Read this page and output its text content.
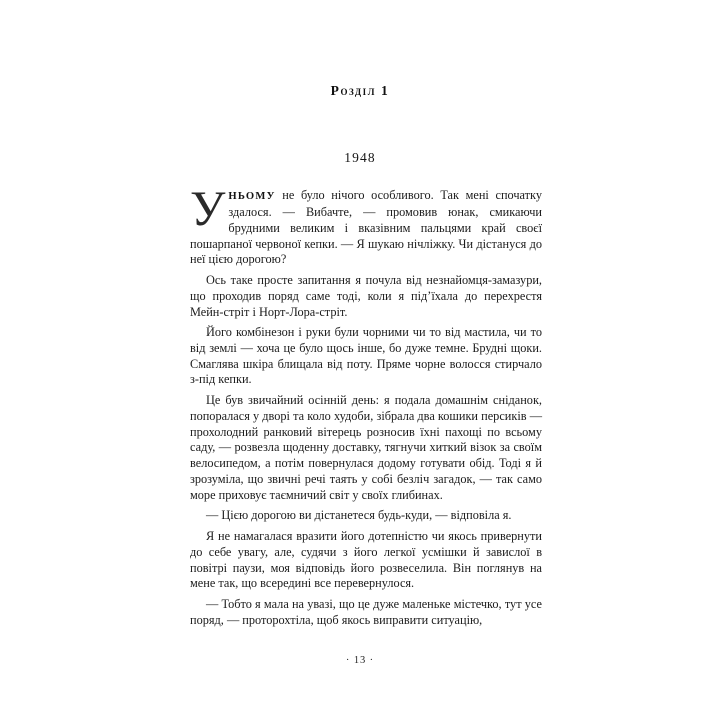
Розділ 1
1948

УНЬОМУ не було нічого особливого. Так мені спочатку здалося. — Вибачте, — промовив юнак, смикаючи брудними великим і вказівним пальцями край своєї пошарпаної червоної кепки. — Я шукаю нічліжку. Чи дістануся до неї цією дорогою?

Ось таке просте запитання я почула від незнайомця-замазури, що проходив поряд саме тоді, коли я під’їхала до перехрестя Мейн-стріт і Норт-Лора-стріт.

Його комбінезон і руки були чорними чи то від мастила, чи то від землі — хоча це було щось інше, бо дуже темне. Брудні щоки. Смаглява шкіра блищала від поту. Пряме чорне волосся стирчало з-під кепки.

Це був звичайний осінній день: я подала домашнім сніданок, попоралася у дворі та коло худоби, зібрала два кошики персиків — прохолодний ранковий вітерець розносив їхні пахощі по всьому саду, — розвезла щоденну доставку, тягнучи хиткий візок за своїм велосипедом, а потім повернулася додому готувати обід. Тоді я й зрозуміла, що звичні речі таять у собі безліч загадок, — так само море приховує таємничий світ у своїх глибинах.

— Цією дорогою ви дістанетеся будь-куди, — відповіла я.

Я не намагалася вразити його дотепністю чи якось привернути до себе увагу, але, судячи з його легкої усмішки й завислої в повітрі паузи, моя відповідь його розвеселила. Він поглянув на мене так, що всередині все перевернулося.

— Тобто я мала на увазі, що це дуже маленьке містечко, тут усе поряд, — проторохтіла, щоб якось виправити ситуацію,

· 13 ·
